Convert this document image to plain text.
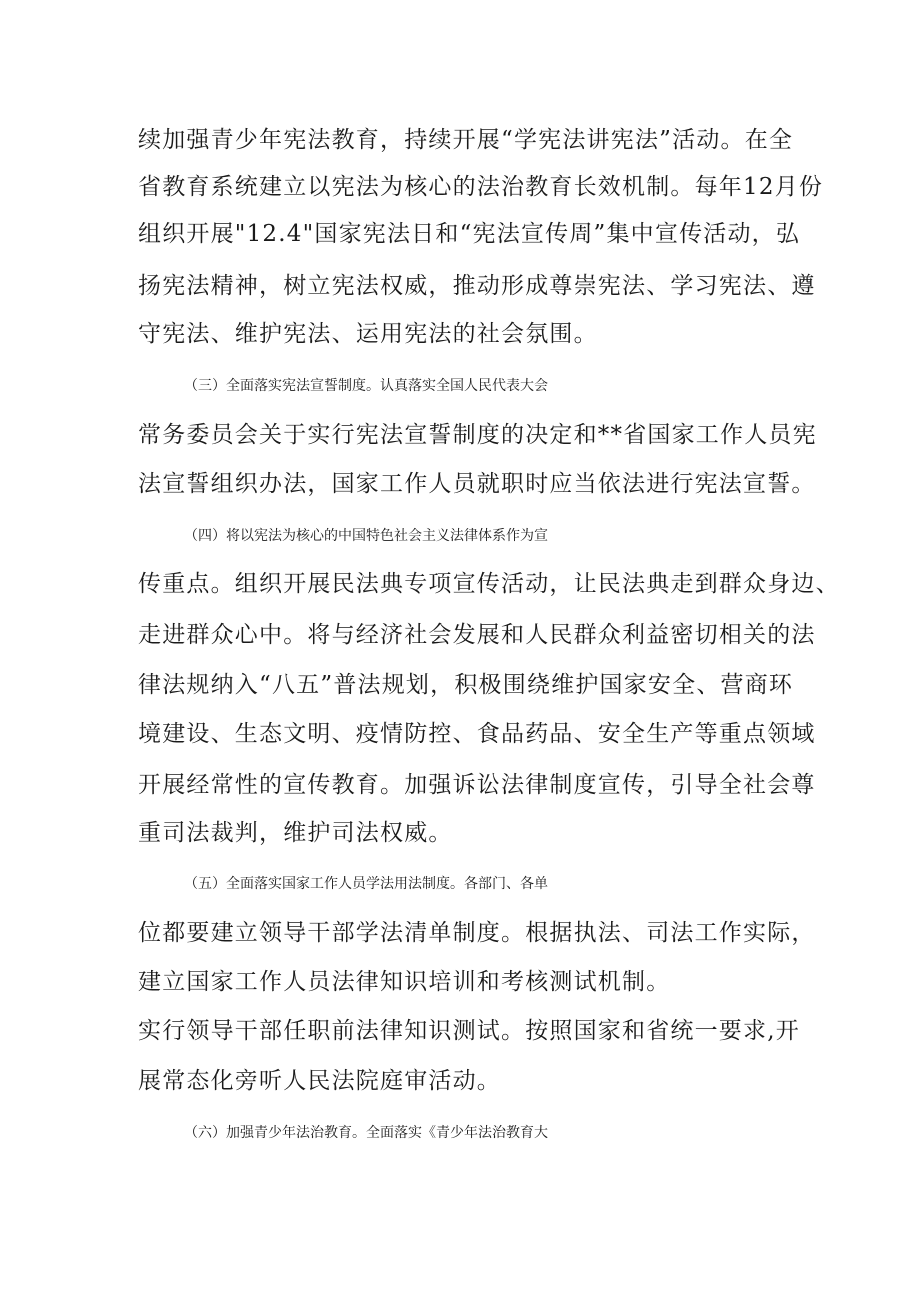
续加强青少年宪法教育，持续开展“学宪法讲宪法”活动。在全
省教育系统建立以宪法为核心的法治教育长效机制。每年12月份
组织开展"12.4"国家宪法日和“宪法宣传周”集中宣传活动，弘
扬宪法精神，树立宪法权威，推动形成尊崇宪法、学习宪法、遵
守宪法、维护宪法、运用宪法的社会氛围。
（三）全面落实宪法宣誓制度。认真落实全国人民代表大会
常务委员会关于实行宪法宣誓制度的决定和**省国家工作人员宪
法宣誓组织办法，国家工作人员就职时应当依法进行宪法宣誓。
（四）将以宪法为核心的中国特色社会主义法律体系作为宣
传重点。组织开展民法典专项宣传活动，让民法典走到群众身边、
走进群众心中。将与经济社会发展和人民群众利益密切相关的法
律法规纳入“八五”普法规划，积极围绕维护国家安全、营商环
境建设、生态文明、疫情防控、食品药品、安全生产等重点领域
开展经常性的宣传教育。加强诉讼法律制度宣传，引导全社会尊
重司法裁判，维护司法权威。
（五）全面落实国家工作人员学法用法制度。各部门、各单
位都要建立领导干部学法清单制度。根据执法、司法工作实际，
建立国家工作人员法律知识培训和考核测试机制。
实行领导干部任职前法律知识测试。按照国家和省统一要求,开
展常态化旁听人民法院庭审活动。
（六）加强青少年法治教育。全面落实《青少年法治教育大
